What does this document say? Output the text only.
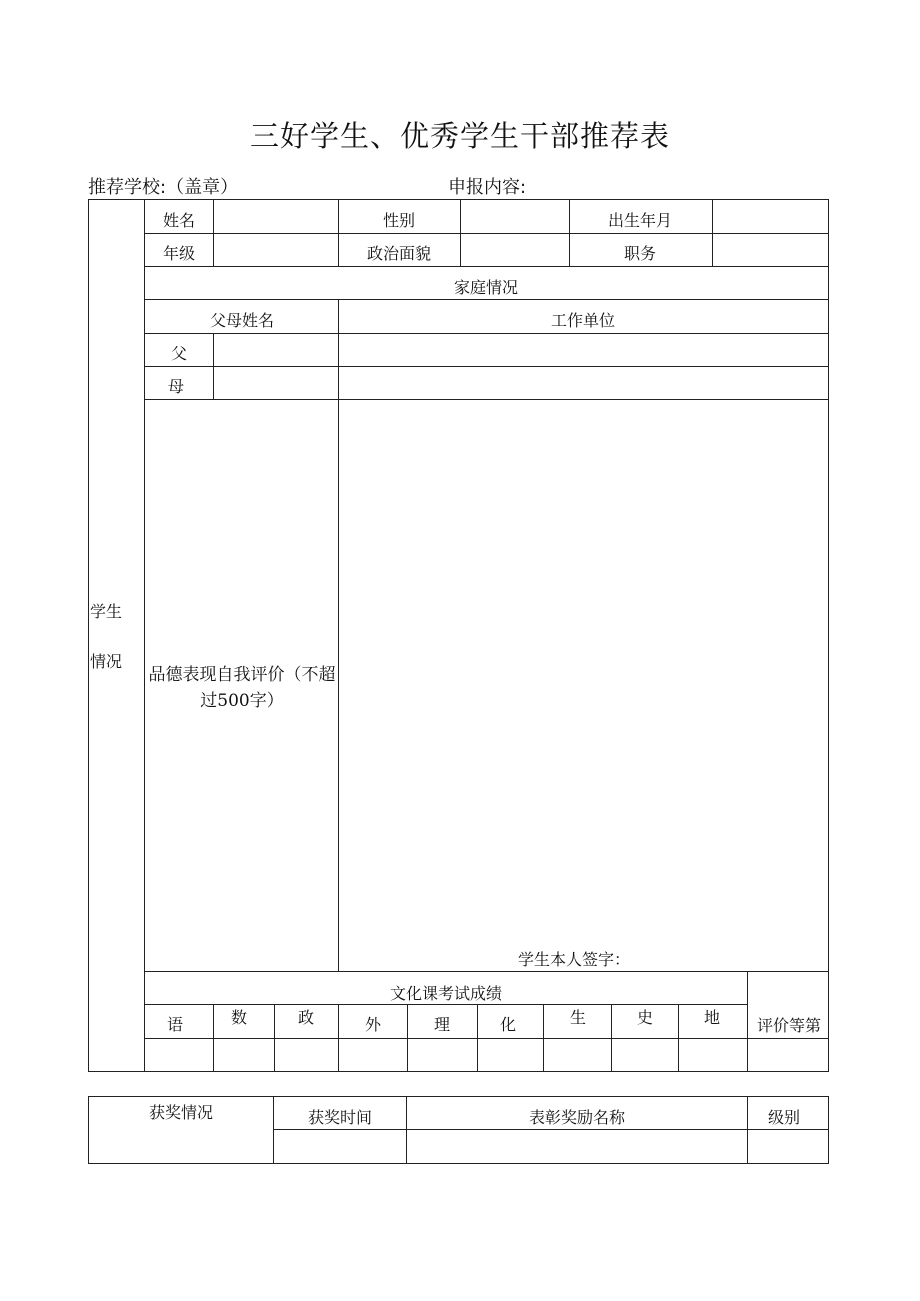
三好学生、优秀学生干部推荐表
推荐学校:（盖章）	申报内容:
学生
情况
姓名	性别	出生年月
年级	政治面貌	职务
家庭情况
父母姓名	工作单位
父
母
品德表现自我评价（不超过500字）
学生本人签字：
文化课考试成绩
语	数	政	外	理	化	生	史	地 评价等第
获奖情况	获奖时间	表彰奖励名称	级别
